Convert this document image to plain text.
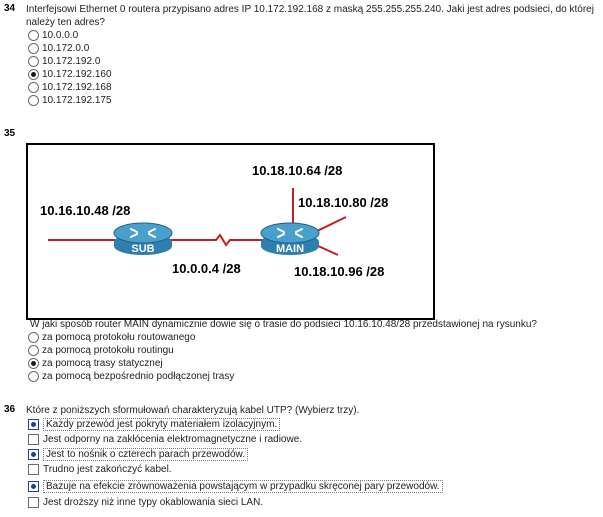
34 Interfejsowi Ethernet 0 routera przypisano adres IP 10.172.192.168 z maską 255.255.255.240. Jaki jest adres podsieci, do której
należy ten adres?
10.0.0.0
10.172.0.0
10.172.192.0
10.172.192.160
10.172.192.168
10.172.192.175
35
SUB	MAIN
10.16.10.48 /28
10.0.0.4 /28
10.18.10.64 /28
10.18.10.80 /28
10.18.10.96 /28
W jaki sposób router MAIN dynamicznie dowie się o trasie do podsieci 10.16.10.48/28 przedstawionej na rysunku?
za pomocą protokołu routowanego
za pomocą protokołu routingu
za pomocą trasy statycznej
za pomocą bezpośrednio podłączonej trasy
36 Które z poniższych sformułowań charakteryzują kabel UTP? (Wybierz trzy).
Każdy przewód jest pokryty materiałem izolacyjnym.
Jest odporny na zakłócenia elektromagnetyczne i radiowe.
Jest to nośnik o czterech parach przewodów.
Trudno jest zakończyć kabel.
Bazuje na efekcie zrównoważenia powstającym w przypadku skręconej pary przewodów.
Jest droższy niż inne typy okablowania sieci LAN.
